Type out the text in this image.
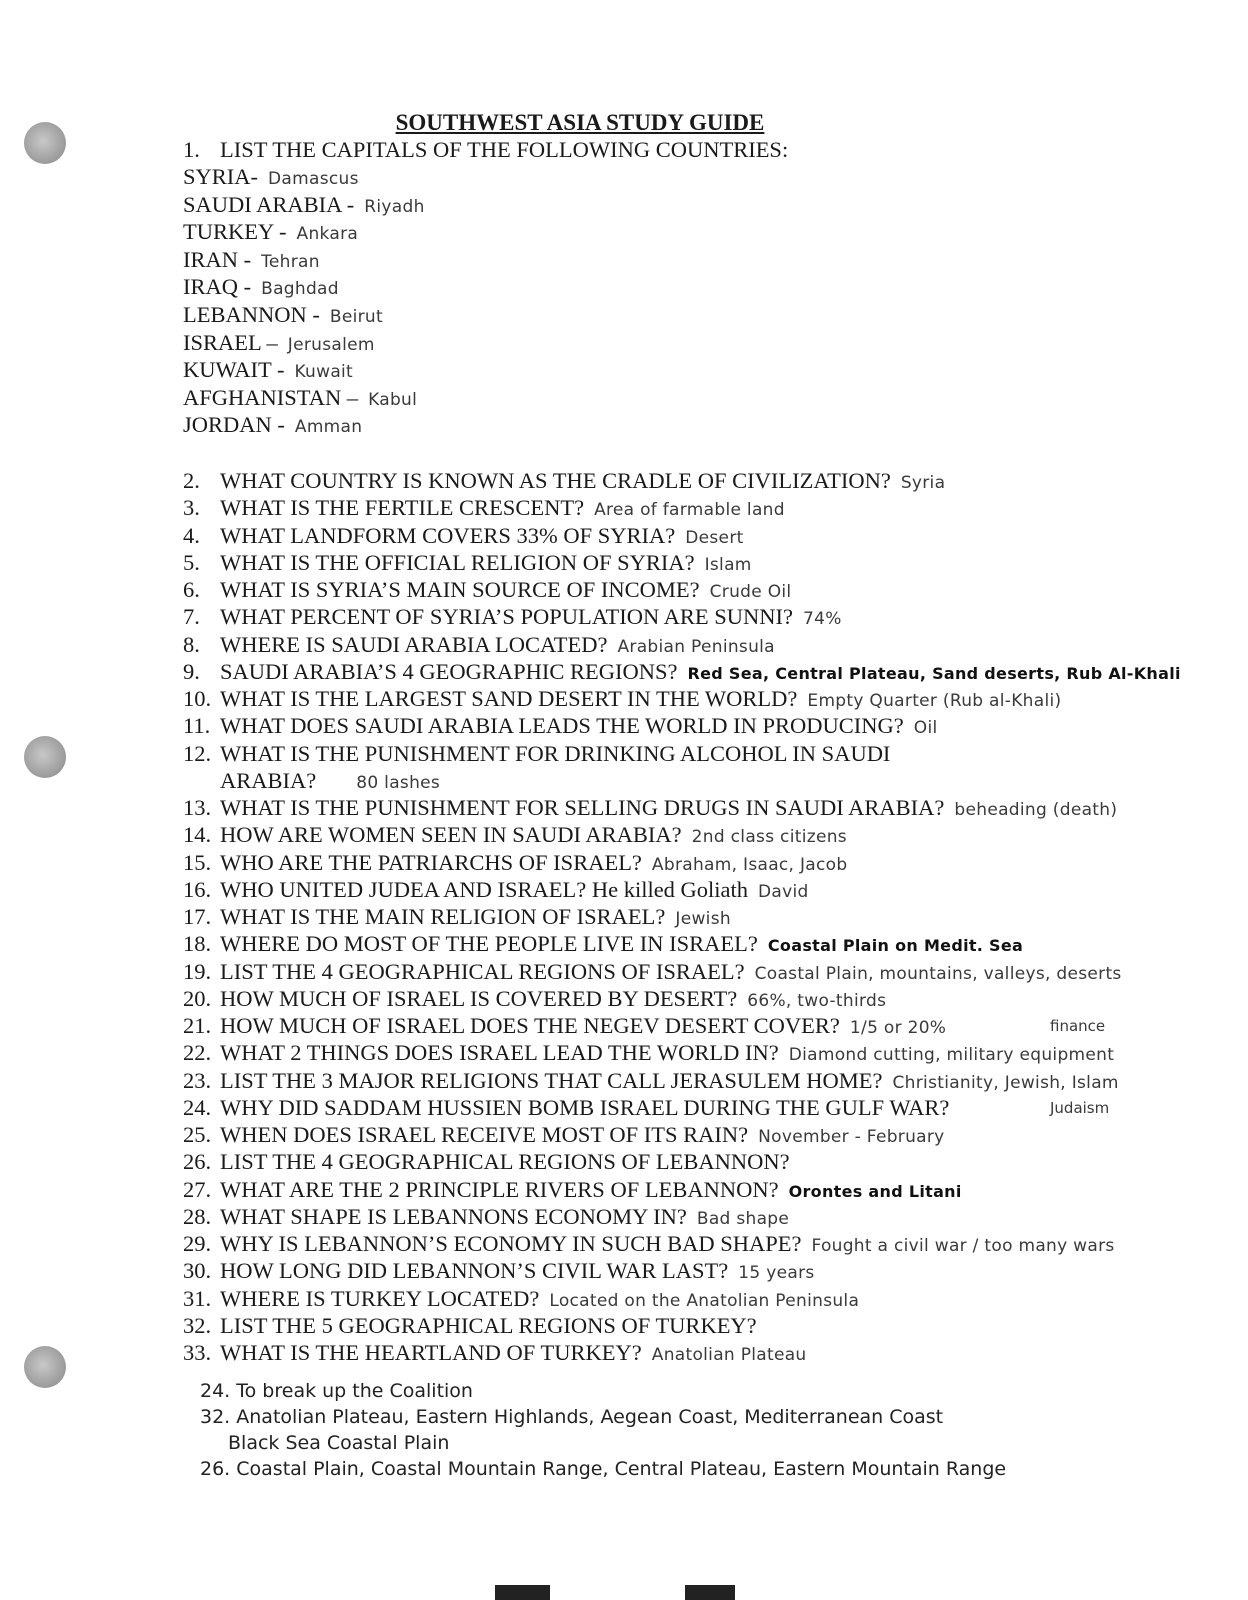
SOUTHWEST ASIA STUDY GUIDE
1. LIST THE CAPITALS OF THE FOLLOWING COUNTRIES:
SYRIA- Damascus
SAUDI ARABIA - Riyadh
TURKEY - Ankara
IRAN - Tehran
IRAQ - Baghdad
LEBANNON - Beirut
ISRAEL – Jerusalem
KUWAIT - Kuwait
AFGHANISTAN – Kabul
JORDAN - Amman
2. WHAT COUNTRY IS KNOWN AS THE CRADLE OF CIVILIZATION? Syria
3. WHAT IS THE FERTILE CRESCENT? Area of farmable land
4. WHAT LANDFORM COVERS 33% OF SYRIA? Desert
5. WHAT IS THE OFFICIAL RELIGION OF SYRIA? Islam
6. WHAT IS SYRIA’S MAIN SOURCE OF INCOME? Crude Oil
7. WHAT PERCENT OF SYRIA’S POPULATION ARE SUNNI? 74%
8. WHERE IS SAUDI ARABIA LOCATED? Arabian Peninsula
9. SAUDI ARABIA’S 4 GEOGRAPHIC REGIONS? Red Sea, Central Plateau, Sand deserts, Rub Al-Khali
10. WHAT IS THE LARGEST SAND DESERT IN THE WORLD? Empty Quarter (Rub al-Khali)
11. WHAT DOES SAUDI ARABIA LEADS THE WORLD IN PRODUCING? Oil
12. WHAT IS THE PUNISHMENT FOR DRINKING ALCOHOL IN SAUDI
ARABIA? 80 lashes
13. WHAT IS THE PUNISHMENT FOR SELLING DRUGS IN SAUDI ARABIA? beheading (death)
14. HOW ARE WOMEN SEEN IN SAUDI ARABIA? 2nd class citizens
15. WHO ARE THE PATRIARCHS OF ISRAEL? Abraham, Isaac, Jacob
16. WHO UNITED JUDEA AND ISRAEL? He killed Goliath David
17. WHAT IS THE MAIN RELIGION OF ISRAEL? Jewish
18. WHERE DO MOST OF THE PEOPLE LIVE IN ISRAEL? Coastal Plain on Medit. Sea
19. LIST THE 4 GEOGRAPHICAL REGIONS OF ISRAEL? Coastal Plain, mountains, valleys, deserts
20. HOW MUCH OF ISRAEL IS COVERED BY DESERT? 66%, two-thirds
21. HOW MUCH OF ISRAEL DOES THE NEGEV DESERT COVER? 1/5 or 20%
22. WHAT 2 THINGS DOES ISRAEL LEAD THE WORLD IN? Diamond cutting, military equipment
finance
23. LIST THE 3 MAJOR RELIGIONS THAT CALL JERASULEM HOME? Christianity, Jewish, Islam
Judaism
24. WHY DID SADDAM HUSSIEN BOMB ISRAEL DURING THE GULF WAR?
25. WHEN DOES ISRAEL RECEIVE MOST OF ITS RAIN? November - February
26. LIST THE 4 GEOGRAPHICAL REGIONS OF LEBANNON?
27. WHAT ARE THE 2 PRINCIPLE RIVERS OF LEBANNON? Orontes and Litani
28. WHAT SHAPE IS LEBANNONS ECONOMY IN? Bad shape
29. WHY IS LEBANNON’S ECONOMY IN SUCH BAD SHAPE? Fought a civil war / too many wars
30. HOW LONG DID LEBANNON’S CIVIL WAR LAST? 15 years
31. WHERE IS TURKEY LOCATED? Located on the Anatolian Peninsula
32. LIST THE 5 GEOGRAPHICAL REGIONS OF TURKEY?
33. WHAT IS THE HEARTLAND OF TURKEY? Anatolian Plateau
24. To break up the Coalition
32. Anatolian Plateau, Eastern Highlands, Aegean Coast, Mediterranean Coast
Black Sea Coastal Plain
26. Coastal Plain, Coastal Mountain Range, Central Plateau, Eastern Mountain Range
